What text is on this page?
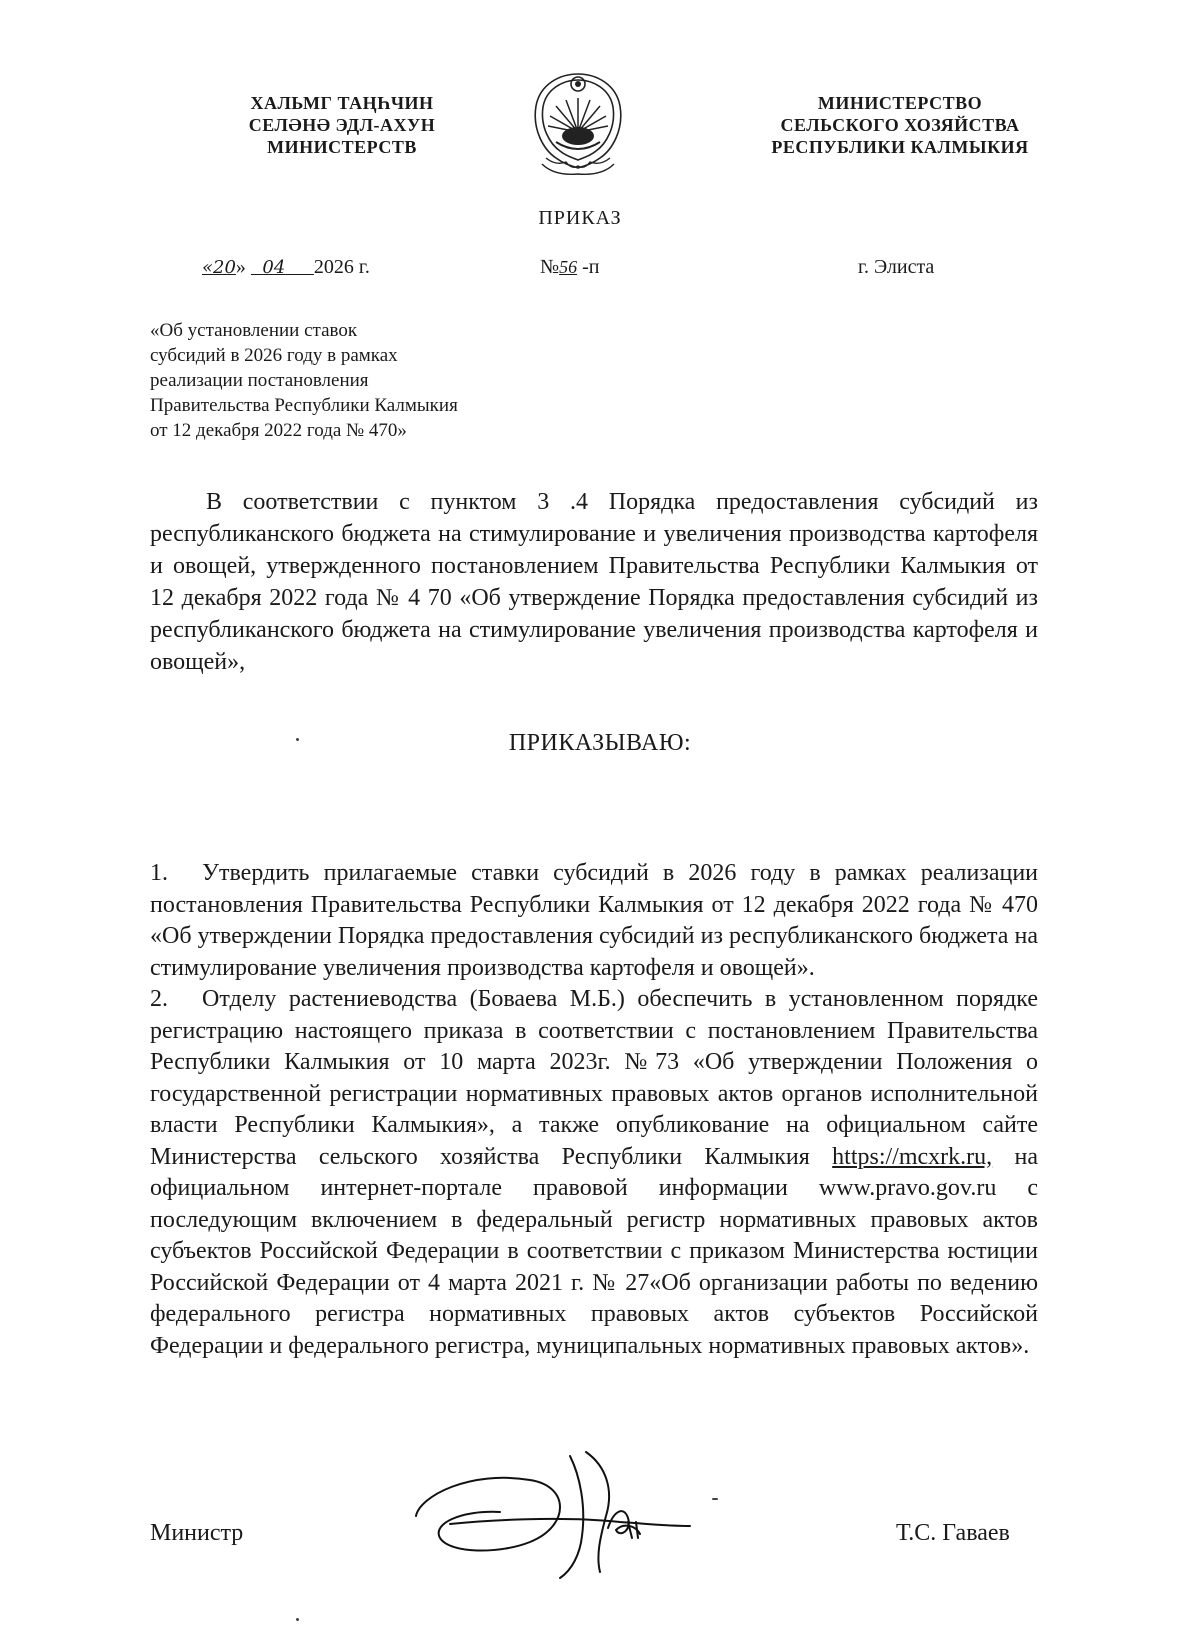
ХАЛЬМГ ТАҢҺЧИН
СЕЛӘНӘ ЭДЛ-АХУН
МИНИСТЕРСТВ
МИНИСТЕРСТВО
СЕЛЬСКОГО ХОЗЯЙСТВА
РЕСПУБЛИКИ КАЛМЫКИЯ
ПРИКАЗ
«20» 04 2026 г.	№56 -п	г. Элиста
«Об установлении ставок
субсидий в 2026 году в рамках
реализации постановления
Правительства Республики Калмыкия
от 12 декабря 2022 года № 470»

В соответствии с пунктом 3 .4 Порядка предоставления субсидий из республиканского бюджета на стимулирование и увеличения производства картофеля и овощей, утвержденного постановлением Правительства Республики Калмыкия от 12 декабря 2022 года № 4 70 «Об утверждение Порядка предоставления субсидий из республиканского бюджета на стимулирование увеличения производства картофеля и овощей»,

ПРИКАЗЫВАЮ:

1. Утвердить прилагаемые ставки субсидий в 2026 году в рамках реализации постановления Правительства Республики Калмыкия от 12 декабря 2022 года № 470 «Об утверждении Порядка предоставления субсидий из республиканского бюджета на стимулирование увеличения производства картофеля и овощей».

2. Отделу растениеводства (Боваева М.Б.) обеспечить в установленном порядке регистрацию настоящего приказа в соответствии с постановлением Правительства Республики Калмыкия от 10 марта 2023г. №73 «Об утверждении Положения о государственной регистрации нормативных правовых актов органов исполнительной власти Республики Калмыкия», а также опубликование на официальном сайте Министерства сельского хозяйства Республики Калмыкия https://mcxrk.ru, на официальном интернет-портале правовой информации www.pravo.gov.ru с последующим включением в федеральный регистр нормативных правовых актов субъектов Российской Федерации в соответствии с приказом Министерства юстиции Российской Федерации от 4 марта 2021 г. № 27«Об организации работы по ведению федерального регистра нормативных правовых актов субъектов Российской Федерации и федерального регистра, муниципальных нормативных правовых актов».

Министр	Т.С. Гаваев
